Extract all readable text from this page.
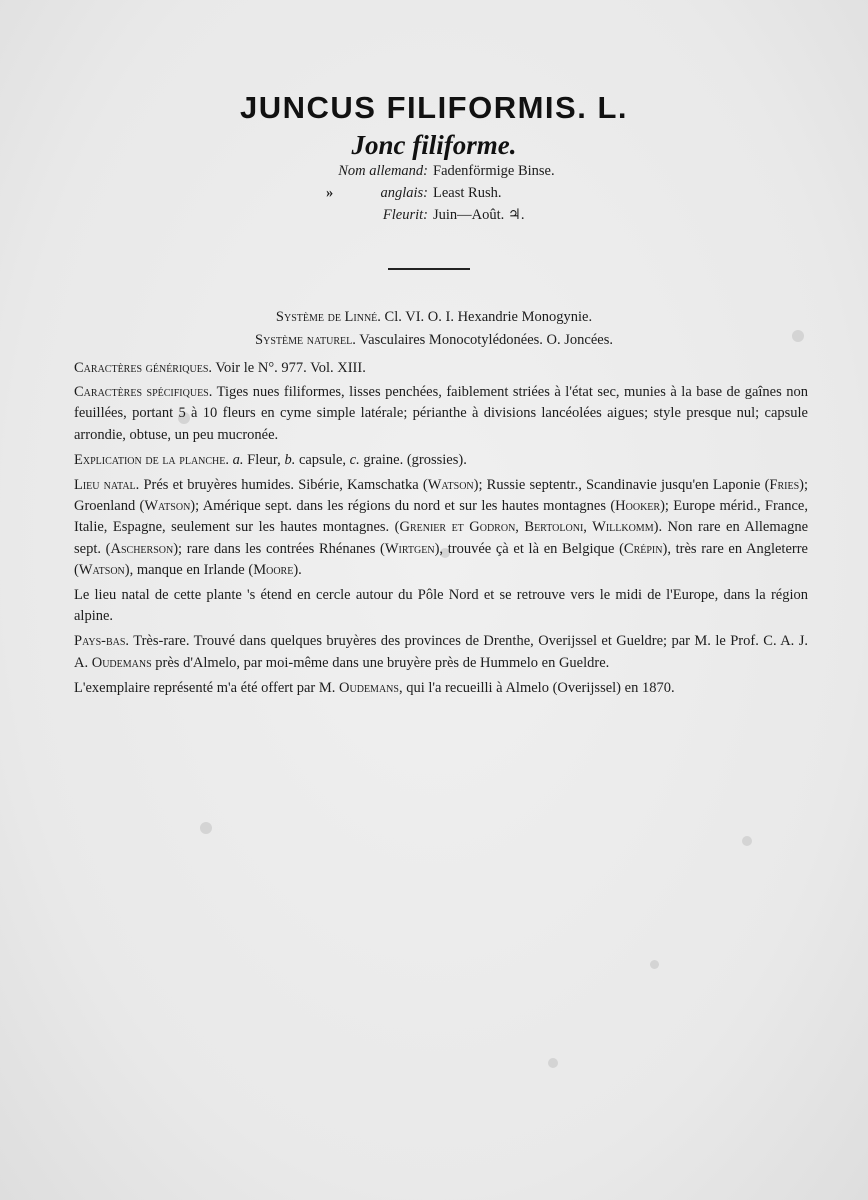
JUNCUS FILIFORMIS. L.
Jonc filiforme.
Nom allemand: Fadenförmige Binse.
»	anglais: Least Rush.
Fleurit: Juin—Août. ♃.
Système de Linné. Cl. VI. O. I. Hexandrie Monogynie.
Système naturel. Vasculaires Monocotylédonées. O. Joncées.

Caractères génériques. Voir le N°. 977. Vol. XIII.

Caractères spécifiques. Tiges nues filiformes, lisses penchées, faiblement striées à l'état sec, munies à la base de gaînes non feuillées, portant 5 à 10 fleurs en cyme simple latérale; périanthe à divisions lancéolées aigues; style presque nul; capsule arrondie, obtuse, un peu mucronée.

Explication de la planche. a. Fleur, b. capsule, c. graine. (grossies).

Lieu natal. Prés et bruyères humides. Sibérie, Kamschatka (Watson); Russie septentr., Scandinavie jusqu'en Laponie (Fries); Groenland (Watson); Amérique sept. dans les régions du nord et sur les hautes montagnes (Hooker); Europe mérid., France, Italie, Espagne, seulement sur les hautes montagnes. (Grenier et Godron, Bertoloni, Willkomm). Non rare en Allemagne sept. (Ascherson); rare dans les contrées Rhénanes (Wirtgen), trouvée çà et là en Belgique (Crépin), très rare en Angleterre (Watson), manque en Irlande (Moore).

Le lieu natal de cette plante 's étend en cercle autour du Pôle Nord et se retrouve vers le midi de l'Europe, dans la région alpine.

Pays-bas. Très-rare. Trouvé dans quelques bruyères des provinces de Drenthe, Overijssel et Gueldre; par M. le Prof. C. A. J. A. Oudemans près d'Almelo, par moi-même dans une bruyère près de Hummelo en Gueldre.

L'exemplaire représenté m'a été offert par M. Oudemans, qui l'a recueilli à Almelo (Overijssel) en 1870.
